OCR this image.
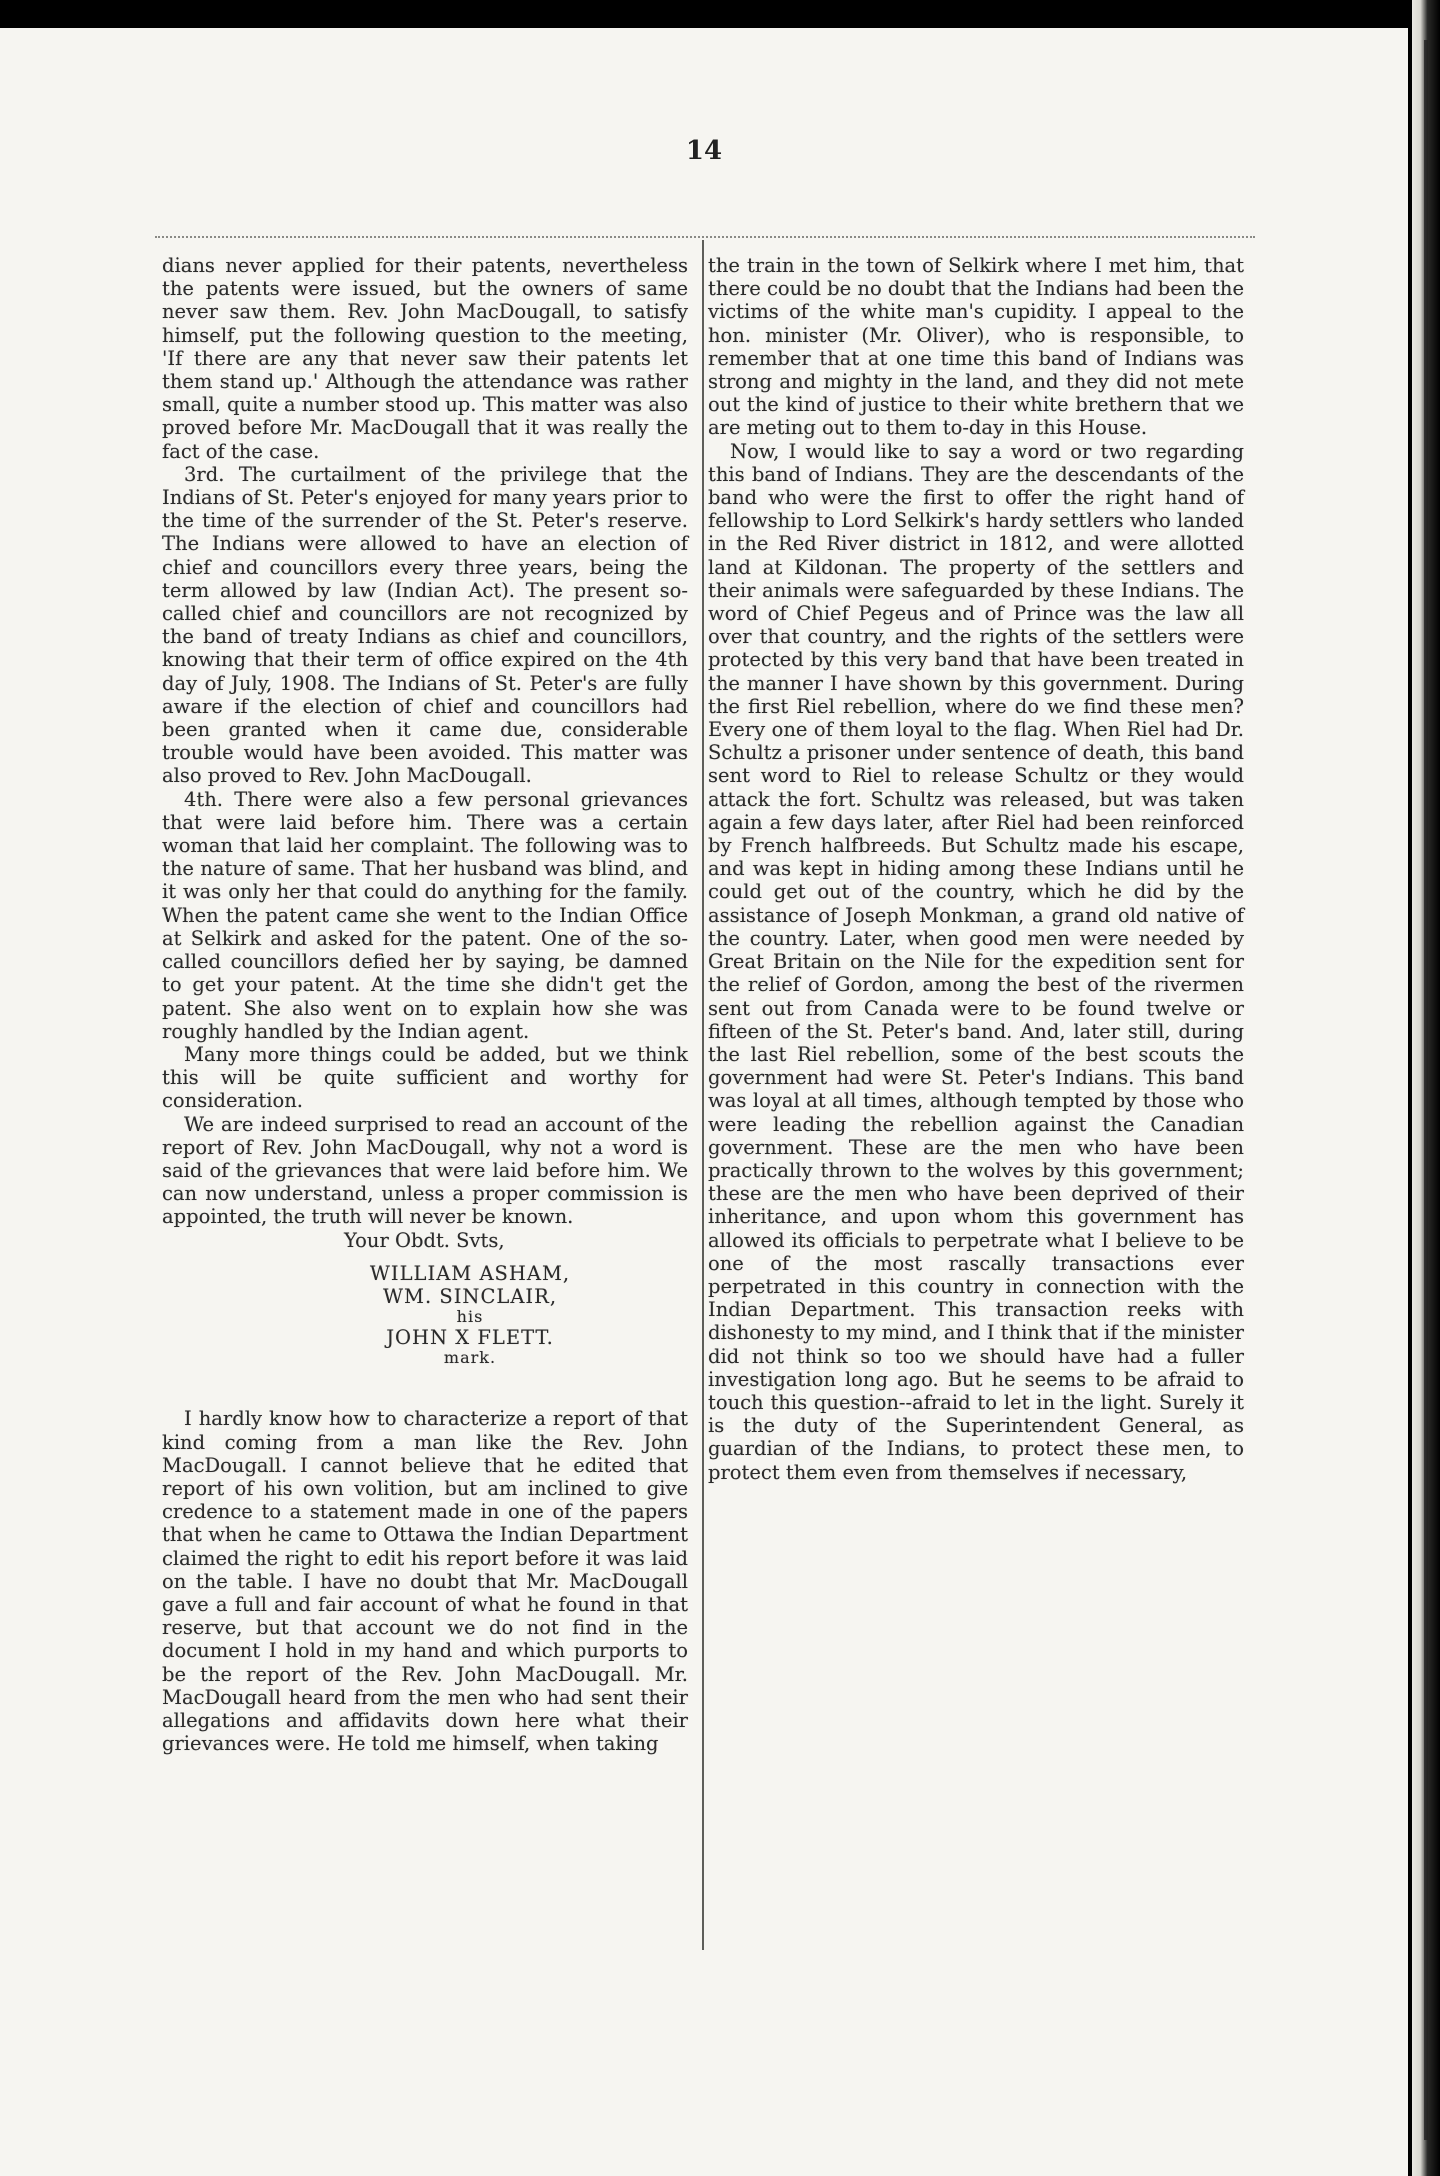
14

dians never applied for their patents, nevertheless the patents were issued, but the owners of same never saw them. Rev. John MacDougall, to satisfy himself, put the following question to the meeting, 'If there are any that never saw their patents let them stand up.' Although the attendance was rather small, quite a number stood up. This matter was also proved before Mr. MacDougall that it was really the fact of the case.

3rd. The curtailment of the privilege that the Indians of St. Peter's enjoyed for many years prior to the time of the surrender of the St. Peter's reserve. The Indians were allowed to have an election of chief and councillors every three years, being the term allowed by law (Indian Act). The present so-called chief and councillors are not recognized by the band of treaty Indians as chief and councillors, knowing that their term of office expired on the 4th day of July, 1908. The Indians of St. Peter's are fully aware if the election of chief and councillors had been granted when it came due, considerable trouble would have been avoided. This matter was also proved to Rev. John MacDougall.

4th. There were also a few personal grievances that were laid before him. There was a certain woman that laid her complaint. The following was to the nature of same. That her husband was blind, and it was only her that could do anything for the family. When the patent came she went to the Indian Office at Selkirk and asked for the patent. One of the so-called councillors defied her by saying, be damned to get your patent. At the time she didn't get the patent. She also went on to explain how she was roughly handled by the Indian agent.

Many more things could be added, but we think this will be quite sufficient and worthy for consideration.

We are indeed surprised to read an account of the report of Rev. John MacDougall, why not a word is said of the grievances that were laid before him. We can now understand, unless a proper commission is appointed, the truth will never be known.

Your Obdt. Svts,

WILLIAM ASHAM,
WM. SINCLAIR,
his
JOHN X FLETT.
mark.

I hardly know how to characterize a report of that kind coming from a man like the Rev. John MacDougall. I cannot believe that he edited that report of his own volition, but am inclined to give credence to a statement made in one of the papers that when he came to Ottawa the Indian Department claimed the right to edit his report before it was laid on the table. I have no doubt that Mr. MacDougall gave a full and fair account of what he found in that reserve, but that account we do not find in the document I hold in my hand and which purports to be the report of the Rev. John MacDougall. Mr. MacDougall heard from the men who had sent their allegations and affidavits down here what their grievances were. He told me himself, when taking

the train in the town of Selkirk where I met him, that there could be no doubt that the Indians had been the victims of the white man's cupidity. I appeal to the hon. minister (Mr. Oliver), who is responsible, to remember that at one time this band of Indians was strong and mighty in the land, and they did not mete out the kind of justice to their white brethern that we are meting out to them to-day in this House.

Now, I would like to say a word or two regarding this band of Indians. They are the descendants of the band who were the first to offer the right hand of fellowship to Lord Selkirk's hardy settlers who landed in the Red River district in 1812, and were allotted land at Kildonan. The property of the settlers and their animals were safeguarded by these Indians. The word of Chief Pegeus and of Prince was the law all over that country, and the rights of the settlers were protected by this very band that have been treated in the manner I have shown by this government. During the first Riel rebellion, where do we find these men? Every one of them loyal to the flag. When Riel had Dr. Schultz a prisoner under sentence of death, this band sent word to Riel to release Schultz or they would attack the fort. Schultz was released, but was taken again a few days later, after Riel had been reinforced by French halfbreeds. But Schultz made his escape, and was kept in hiding among these Indians until he could get out of the country, which he did by the assistance of Joseph Monkman, a grand old native of the country. Later, when good men were needed by Great Britain on the Nile for the expedition sent for the relief of Gordon, among the best of the rivermen sent out from Canada were to be found twelve or fifteen of the St. Peter's band. And, later still, during the last Riel rebellion, some of the best scouts the government had were St. Peter's Indians. This band was loyal at all times, although tempted by those who were leading the rebellion against the Canadian government. These are the men who have been practically thrown to the wolves by this government; these are the men who have been deprived of their inheritance, and upon whom this government has allowed its officials to perpetrate what I believe to be one of the most rascally transactions ever perpetrated in this country in connection with the Indian Department. This transaction reeks with dishonesty to my mind, and I think that if the minister did not think so too we should have had a fuller investigation long ago. But he seems to be afraid to touch this question--afraid to let in the light. Surely it is the duty of the Superintendent General, as guardian of the Indians, to protect these men, to protect them even from themselves if necessary,
